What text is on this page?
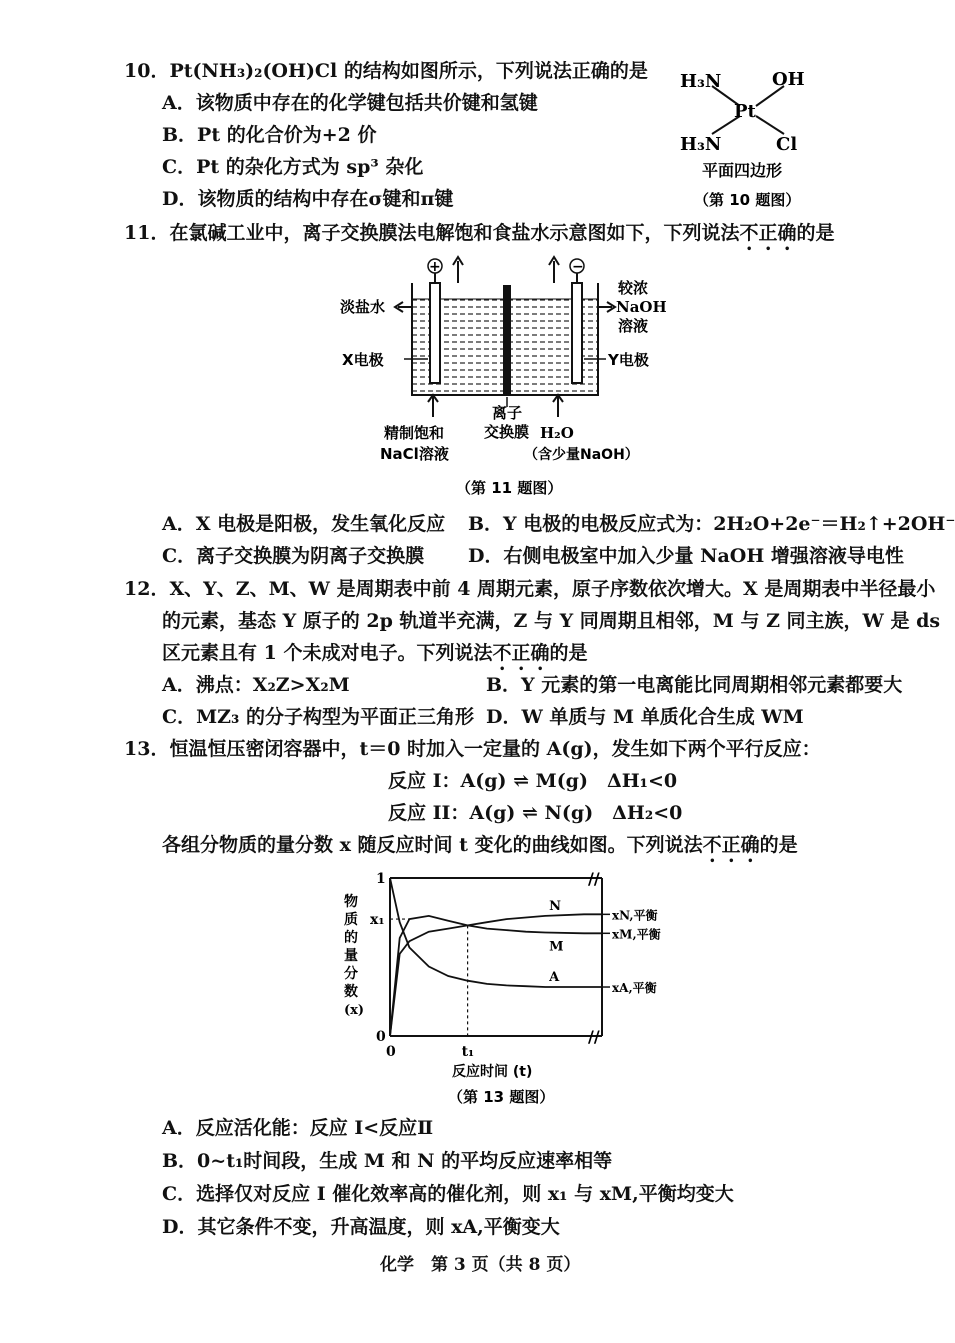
10．Pt(NH₃)₂(OH)Cl 的结构如图所示，下列说法正确的是
A．该物质中存在的化学键包括共价键和氢键
B．Pt 的化合价为+2 价
C．Pt 的杂化方式为 sp³ 杂化
D．该物质的结构中存在σ键和π键
H₃N	OH
Pt
H₃N	Cl
平面四边形
（第 10 题图）
11．在氯碱工业中，离子交换膜法电解饱和食盐水示意图如下，下列说法不正确的是
+	−
淡盐水
较浓
NaOH
溶液
X电极	Y电极
精制饱和
NaCl溶液
离子
交换膜 H₂O
（含少量NaOH）
（第 11 题图）
A．X 电极是阳极，发生氧化反应 B．Y 电极的电极反应式为：2H₂O+2e⁻＝H₂↑+2OH⁻
C．离子交换膜为阴离子交换膜 D．右侧电极室中加入少量 NaOH 增强溶液导电性
12．X、Y、Z、M、W 是周期表中前 4 周期元素，原子序数依次增大。X 是周期表中半径最小
的元素，基态 Y 原子的 2p 轨道半充满，Z 与 Y 同周期且相邻，M 与 Z 同主族，W 是 ds
区元素且有 1 个未成对电子。下列说法不正确的是
A．沸点：X₂Z>X₂M	B．Y 元素的第一电离能比同周期相邻元素都要大
C．MZ₃ 的分子构型为平面正三角形 D．W 单质与 M 单质化合生成 WM
13．恒温恒压密闭容器中，t＝0 时加入一定量的 A(g)，发生如下两个平行反应：
反应 I：A(g) ⇌ M(g)　ΔH₁<0
反应 II：A(g) ⇌ N(g)　ΔH₂<0
各组分物质的量分数 x 随反应时间 t 变化的曲线如图。下列说法不正确的是
//
//
N
xN,平衡
M
xM,平衡
A
xA,平衡
0
x₁
1
0	t₁
物
质
的
量
分
数
(x)
反应时间 (t)
（第 13 题图）
A．反应活化能：反应 I<反应Ⅱ
B．0~t₁时间段，生成 M 和 N 的平均反应速率相等
C．选择仅对反应 I 催化效率高的催化剂，则 x₁ 与 xM,平衡均变大
D．其它条件不变，升高温度，则 xA,平衡变大
化学　第 3 页（共 8 页）
